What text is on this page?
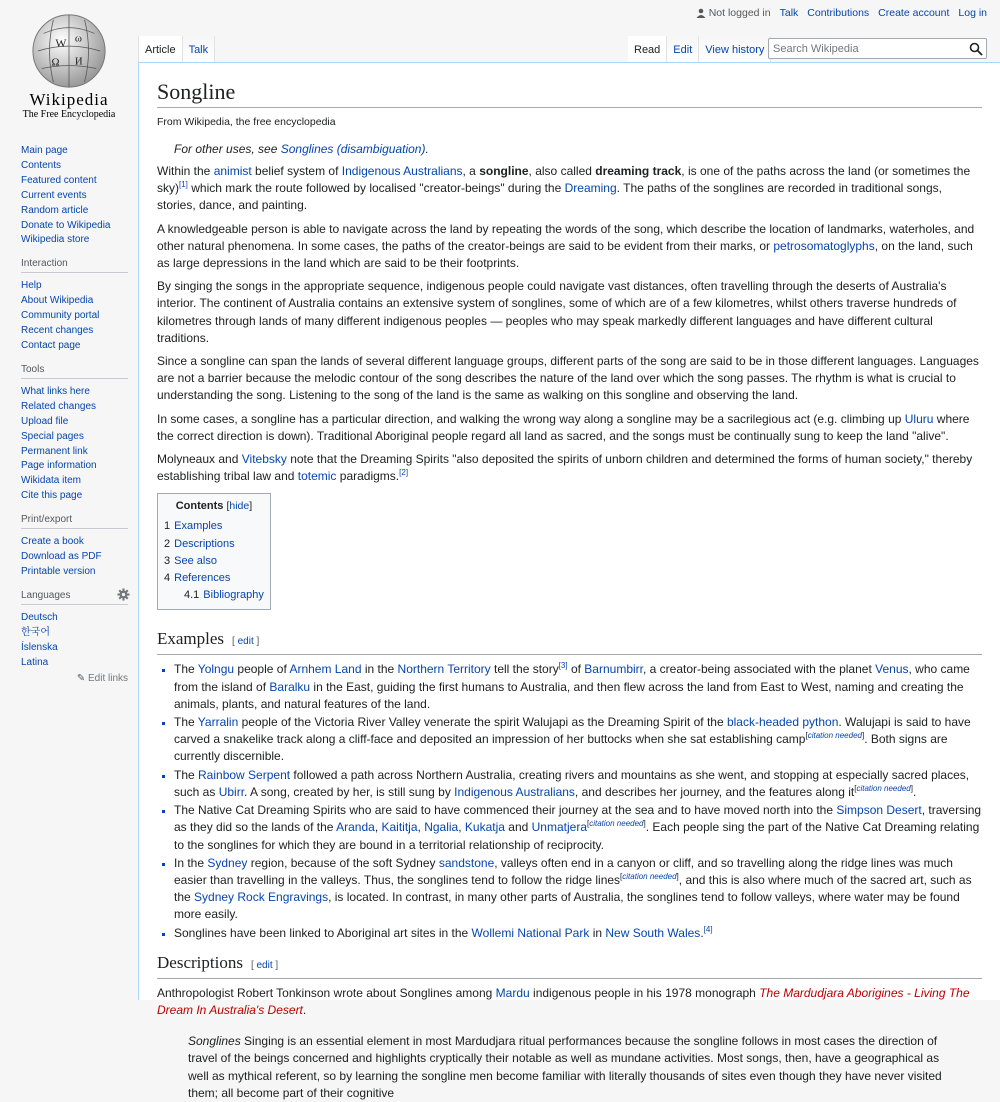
W ω
Ω И
Wikipedia
The Free Encyclopedia
Not logged in Talk Contributions Create account Log in
Article	Talk	Read	Edit	View history
Search Wikipedia
Main page
Contents
Featured content
Current events
Random article
Donate to Wikipedia
Wikipedia store
Interaction
Help
About Wikipedia
Community portal
Recent changes
Contact page
Tools
What links here
Related changes
Upload file
Special pages
Permanent link
Page information
Wikidata item
Cite this page
Print/export
Create a book
Download as PDF
Printable version
Languages
Deutsch
한국어
Íslenska
Latina
✎ Edit links
Songline
From Wikipedia, the free encyclopedia
For other uses, see Songlines (disambiguation).

Within the animist belief system of Indigenous Australians, a songline, also called dreaming track, is one of the paths across the land (or sometimes the sky)[1] which mark the route followed by localised "creator-beings" during the Dreaming. The paths of the songlines are recorded in traditional songs, stories, dance, and painting.

A knowledgeable person is able to navigate across the land by repeating the words of the song, which describe the location of landmarks, waterholes, and other natural phenomena. In some cases, the paths of the creator-beings are said to be evident from their marks, or petrosomatoglyphs, on the land, such as large depressions in the land which are said to be their footprints.

By singing the songs in the appropriate sequence, indigenous people could navigate vast distances, often travelling through the deserts of Australia's interior. The continent of Australia contains an extensive system of songlines, some of which are of a few kilometres, whilst others traverse hundreds of kilometres through lands of many different indigenous peoples — peoples who may speak markedly different languages and have different cultural traditions.

Since a songline can span the lands of several different language groups, different parts of the song are said to be in those different languages. Languages are not a barrier because the melodic contour of the song describes the nature of the land over which the song passes. The rhythm is what is crucial to understanding the song. Listening to the song of the land is the same as walking on this songline and observing the land.

In some cases, a songline has a particular direction, and walking the wrong way along a songline may be a sacrilegious act (e.g. climbing up Uluru where the correct direction is down). Traditional Aboriginal people regard all land as sacred, and the songs must be continually sung to keep the land "alive".

Molyneaux and Vitebsky note that the Dreaming Spirits "also deposited the spirits of unborn children and determined the forms of human society," thereby establishing tribal law and totemic paradigms.[2]

Contents [hide]
1 Examples
2 Descriptions
3 See also
4 References
4.1 Bibliography
Examples [ edit ]
▪ The Yolngu people of Arnhem Land in the Northern Territory tell the story[3] of Barnumbirr, a creator-being associated with the planet Venus, who came from the island of Baralku in the East, guiding the first humans to Australia, and then flew across the land from East to West, naming and creating the animals, plants, and natural features of the land.
▪ The Yarralin people of the Victoria River Valley venerate the spirit Walujapi as the Dreaming Spirit of the black-headed python. Walujapi is said to have carved a snakelike track along a cliff-face and deposited an impression of her buttocks when she sat establishing camp[citation needed]. Both signs are currently discernible.
▪ The Rainbow Serpent followed a path across Northern Australia, creating rivers and mountains as she went, and stopping at especially sacred places, such as Ubirr. A song, created by her, is still sung by Indigenous Australians, and describes her journey, and the features along it[citation needed].
▪ The Native Cat Dreaming Spirits who are said to have commenced their journey at the sea and to have moved north into the Simpson Desert, traversing as they did so the lands of the Aranda, Kaititja, Ngalia, Kukatja and Unmatjera[citation needed]. Each people sing the part of the Native Cat Dreaming relating to the songlines for which they are bound in a territorial relationship of reciprocity.
▪ In the Sydney region, because of the soft Sydney sandstone, valleys often end in a canyon or cliff, and so travelling along the ridge lines was much easier than travelling in the valleys. Thus, the songlines tend to follow the ridge lines[citation needed], and this is also where much of the sacred art, such as the Sydney Rock Engravings, is located. In contrast, in many other parts of Australia, the songlines tend to follow valleys, where water may be found more easily.
▪ Songlines have been linked to Aboriginal art sites in the Wollemi National Park in New South Wales.[4]
Descriptions [ edit ]

Anthropologist Robert Tonkinson wrote about Songlines among Mardu indigenous people in his 1978 monograph The Mardudjara Aborigines - Living The Dream In Australia's Desert.

Songlines Singing is an essential element in most Mardudjara ritual performances because the songline follows in most cases the direction of travel of the beings concerned and highlights cryptically their notable as well as mundane activities. Most songs, then, have a geographical as well as mythical referent, so by learning the songline men become familiar with literally thousands of sites even though they have never visited them; all become part of their cognitive
